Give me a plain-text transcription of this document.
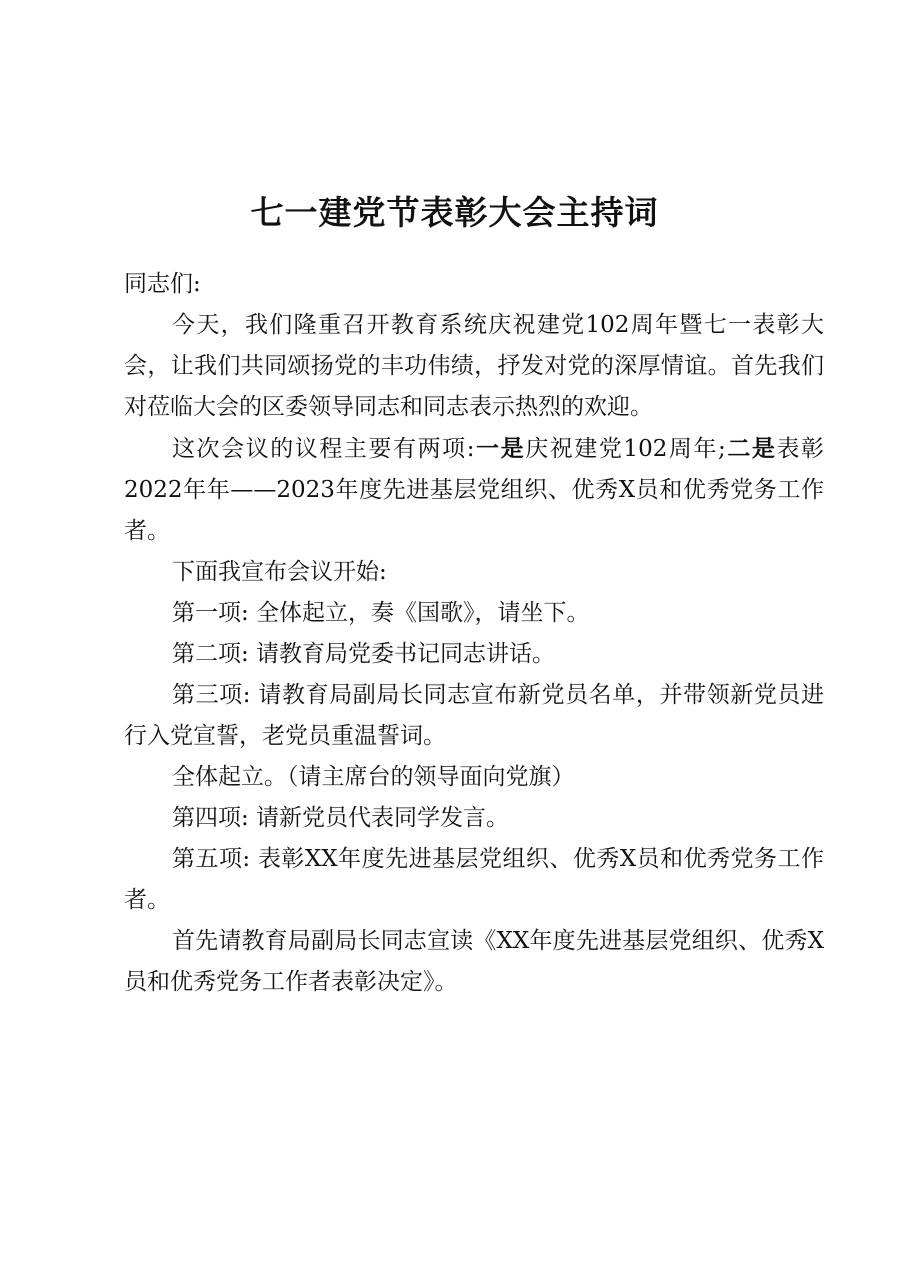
七一建党节表彰大会主持词

同志们:

今天，我们隆重召开教育系统庆祝建党102周年暨七一表彰大会，让我们共同颂扬党的丰功伟绩，抒发对党的深厚情谊。首先我们对莅临大会的区委领导同志和同志表示热烈的欢迎。

这次会议的议程主要有两项:一是庆祝建党102周年;二是表彰2022年年——2023年度先进基层党组织、优秀X员和优秀党务工作者。

下面我宣布会议开始:

第一项: 全体起立，奏《国歌》，请坐下。

第二项: 请教育局党委书记同志讲话。

第三项: 请教育局副局长同志宣布新党员名单，并带领新党员进行入党宣誓，老党员重温誓词。

全体起立。（请主席台的领导面向党旗）

第四项: 请新党员代表同学发言。

第五项: 表彰XX年度先进基层党组织、优秀X员和优秀党务工作者。

首先请教育局副局长同志宣读《XX年度先进基层党组织、优秀X员和优秀党务工作者表彰决定》。
